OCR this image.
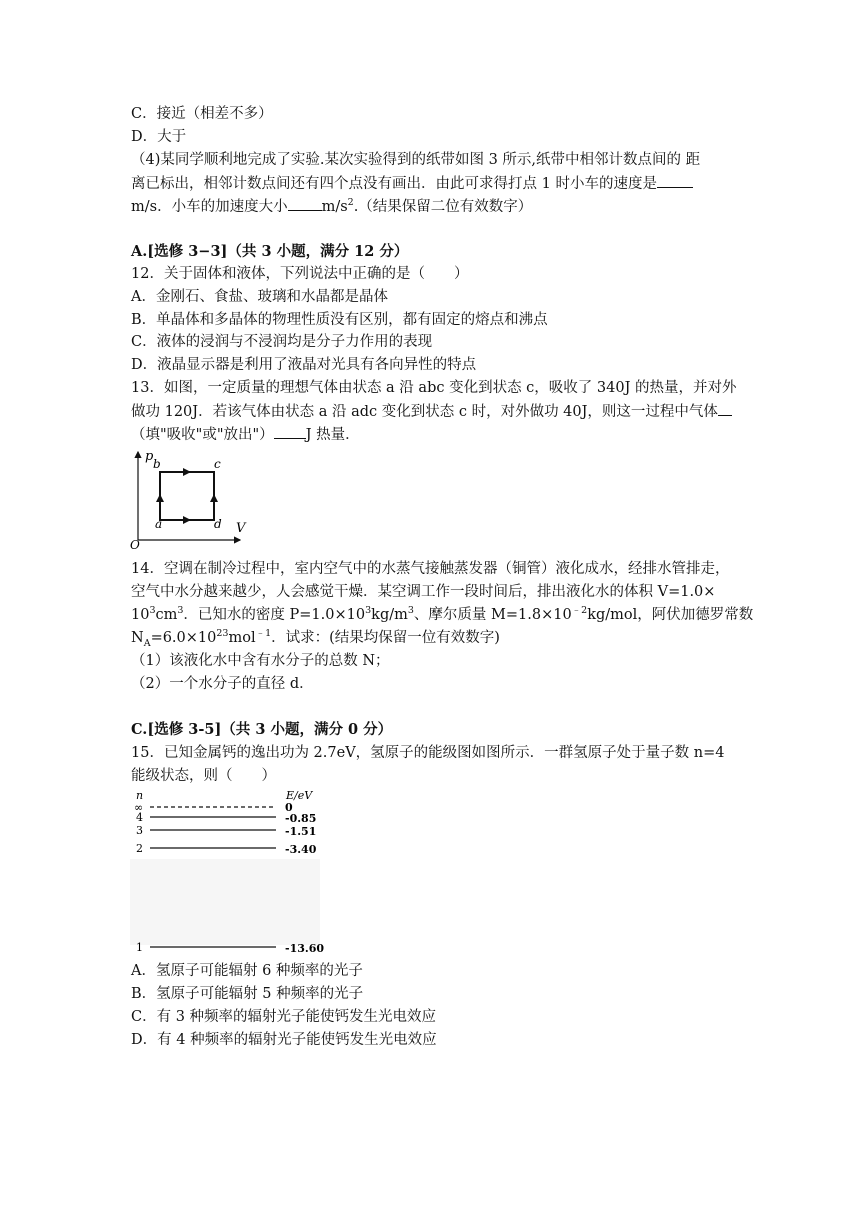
C．接近（相差不多）
D．大于
（4)某同学顺利地完成了实验.某次实验得到的纸带如图 3 所示,纸带中相邻计数点间的 距
离已标出，相邻计数点间还有四个点没有画出．由此可求得打点 1 时小车的速度是
m/s．小车的加速度大小 $m/s^2$.（结果保留二位有效数字）
A.[选修 3−3]（共 3 小题，满分 12 分）
12．关于固体和液体，下列说法中正确的是（　　）
A．金刚石、食盐、玻璃和水晶都是晶体
B．单晶体和多晶体的物理性质没有区别，都有固定的熔点和沸点
C．液体的浸润与不浸润均是分子力作用的表现
D．液晶显示器是利用了液晶对光具有各向异性的特点
13．如图，一定质量的理想气体由状态 a 沿 abc 变化到状态 c，吸收了 340J 的热量，并对外
做功 120J．若该气体由状态 a 沿 adc 变化到状态 c 时，对外做功 40J，则这一过程中气体
（填"吸收"或"放出"） J 热量．
p b	c
a	d V
O
14．空调在制冷过程中，室内空气中的水蒸气接触蒸发器（铜管）液化成水，经排水管排走，
空气中水分越来越少，人会感觉干燥．某空调工作一段时间后，排出液化水的体积 V=1.0×
$10^3cm^3$．已知水的密度 $P=1.0\times 10^3kg/m^3$、摩尔质量 $M=1.8\times 10^{﹣2}kg$/mol，阿伏加德罗常数
$N_A=6.0\times 10^{23}mol^{﹣1}$．试求：(结果均保留一位有效数字)
（1）该液化水中含有水分子的总数 N；
（2）一个水分子的直径 d．
C.[选修 3-5]（共 3 小题，满分 0 分）
15．已知金属钙的逸出功为 2.7eV，氢原子的能级图如图所示．一群氢原子处于量子数 n=4
能级状态，则（　　）
n	E/eV
∞	0
4	-0.85
3	-1.51
2	-3.40
1	-13.60
A．氢原子可能辐射 6 种频率的光子
B．氢原子可能辐射 5 种频率的光子
C．有 3 种频率的辐射光子能使钙发生光电效应
D．有 4 种频率的辐射光子能使钙发生光电效应
